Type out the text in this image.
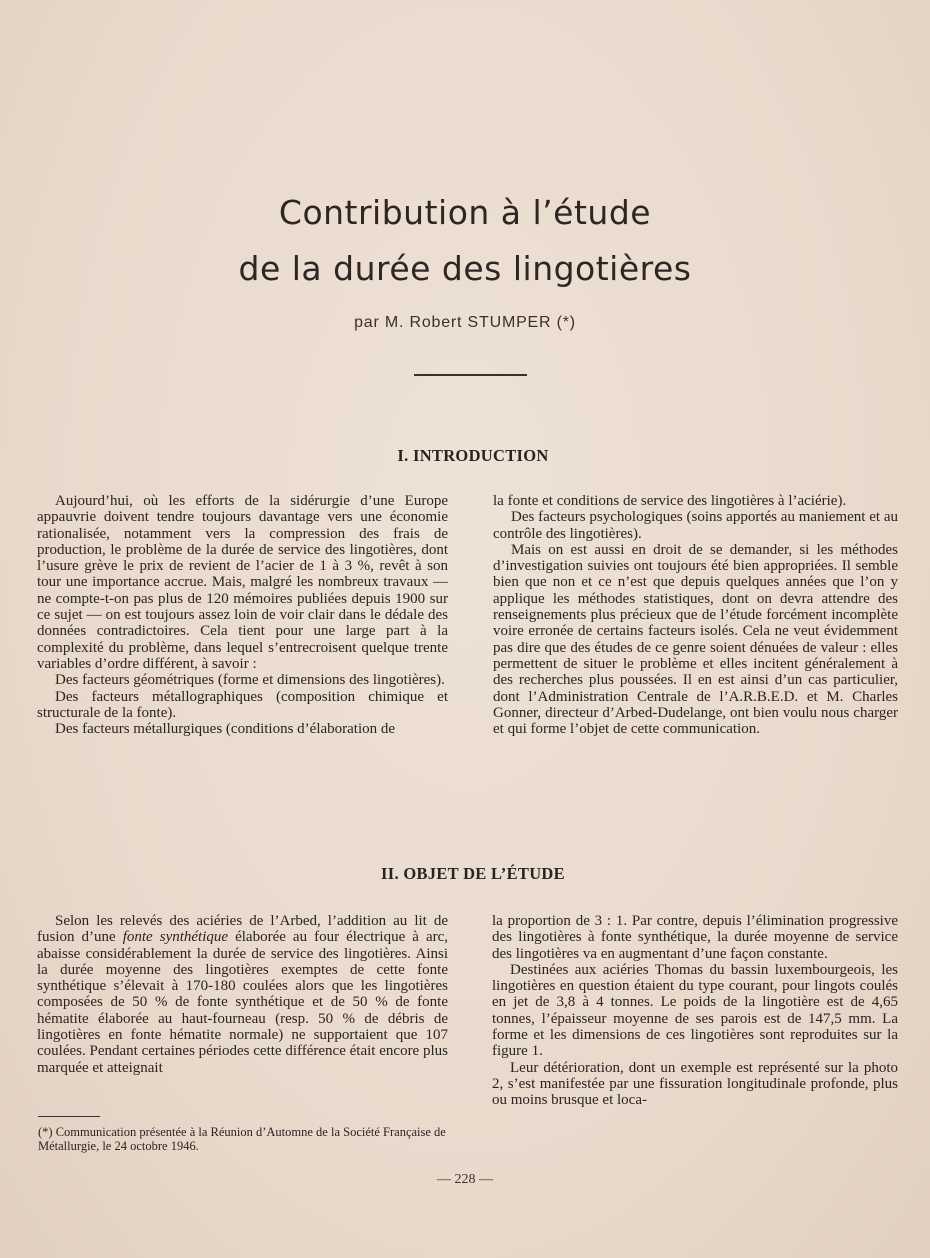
Contribution à l’étude
de la durée des lingotières
par M. Robert STUMPER (*)
I. INTRODUCTION

Aujourd’hui, où les efforts de la sidérurgie d’une Europe appauvrie doivent tendre toujours davantage vers une économie rationalisée, notamment vers la compression des frais de production, le problème de la durée de service des lingotières, dont l’usure grève le prix de revient de l’acier de 1 à 3 %, revêt à son tour une importance accrue. Mais, malgré les nombreux travaux — ne compte-t-on pas plus de 120 mémoires publiées depuis 1900 sur ce sujet — on est toujours assez loin de voir clair dans le dédale des données contradictoires. Cela tient pour une large part à la complexité du problème, dans lequel s’entrecroisent quelque trente variables d’ordre différent, à savoir :

Des facteurs géométriques (forme et dimensions des lingotières).

Des facteurs métallographiques (composition chimique et structurale de la fonte).

Des facteurs métallurgiques (conditions d’élaboration de

la fonte et conditions de service des lingotières à l’aciérie).

Des facteurs psychologiques (soins apportés au maniement et au contrôle des lingotières).

Mais on est aussi en droit de se demander, si les méthodes d’investigation suivies ont toujours été bien appropriées. Il semble bien que non et ce n’est que depuis quelques années que l’on y applique les méthodes statistiques, dont on devra attendre des renseignements plus précieux que de l’étude forcément incomplète voire erronée de certains facteurs isolés. Cela ne veut évidemment pas dire que des études de ce genre soient dénuées de valeur : elles permettent de situer le problème et elles incitent généralement à des recherches plus poussées. Il en est ainsi d’un cas particulier, dont l’Administration Centrale de l’A.R.B.E.D. et M. Charles Gonner, directeur d’Arbed-Dudelange, ont bien voulu nous charger et qui forme l’objet de cette communication.

II. OBJET DE L’ÉTUDE

Selon les relevés des aciéries de l’Arbed, l’addition au lit de fusion d’une fonte synthétique élaborée au four électrique à arc, abaisse considérablement la durée de service des lingotières. Ainsi la durée moyenne des lingotières exemptes de cette fonte synthétique s’élevait à 170-180 coulées alors que les lingotières composées de 50 % de fonte synthétique et de 50 % de fonte hématite élaborée au haut-fourneau (resp. 50 % de débris de lingotières en fonte hématite normale) ne supportaient que 107 coulées. Pendant certaines périodes cette différence était encore plus marquée et atteignait

la proportion de 3 : 1. Par contre, depuis l’élimination progressive des lingotières à fonte synthétique, la durée moyenne de service des lingotières va en augmentant d’une façon constante.

Destinées aux aciéries Thomas du bassin luxembourgeois, les lingotières en question étaient du type courant, pour lingots coulés en jet de 3,8 à 4 tonnes. Le poids de la lingotière est de 4,65 tonnes, l’épaisseur moyenne de ses parois est de 147,5 mm. La forme et les dimensions de ces lingotières sont reproduites sur la figure 1.

Leur détérioration, dont un exemple est représenté sur la photo 2, s’est manifestée par une fissuration longitudinale profonde, plus ou moins brusque et loca-

(*) Communication présentée à la Réunion d’Automne de la Société Française de Métallurgie, le 24 octobre 1946.
— 228 —
